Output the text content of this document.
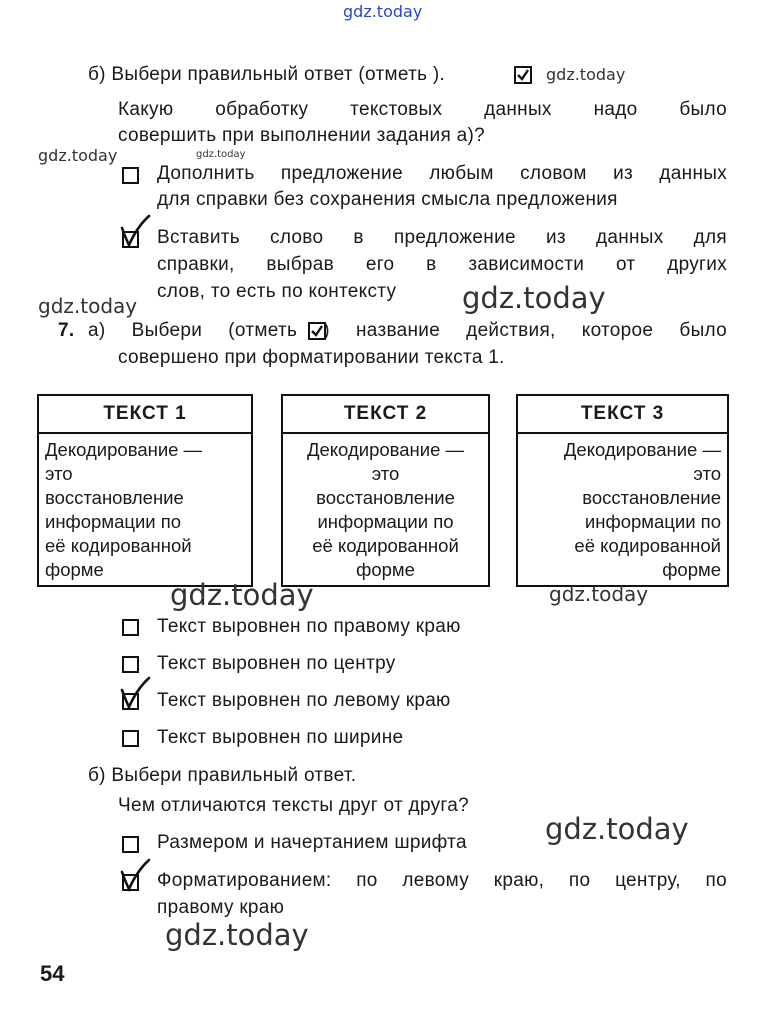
gdz.today
б) Выбери правильный ответ (отметь ).	gdz.today
Какую обработку текстовых данных надо было
совершить при выполнении задания а)?
gdz.today	gdz.today
Дополнить предложение любым словом из данных
для справки без сохранения смысла предложения
Вставить слово в предложение из данных для
справки, выбрав его в зависимости от других
слов, то есть по контексту
gdz.today	gdz.today
7. а) Выбери (отметь ) название действия, которое было
совершено при форматировании текста 1.
ТЕКСТ 1
Декодирование —
это
восстановление
информации по
её кодированной
форме
ТЕКСТ 2
Декодирование —
это
восстановление
информации по
её кодированной
форме
ТЕКСТ 3
Декодирование —
это
восстановление
информации по
её кодированной
форме
gdz.today	gdz.today
Текст выровнен по правому краю
Текст выровнен по центру
Текст выровнен по левому краю
Текст выровнен по ширине
б) Выбери правильный ответ.
Чем отличаются тексты друг от друга?
Размером и начертанием шрифта	gdz.today
Форматированием: по левому краю, по центру, по
правому краю
gdz.today
54
